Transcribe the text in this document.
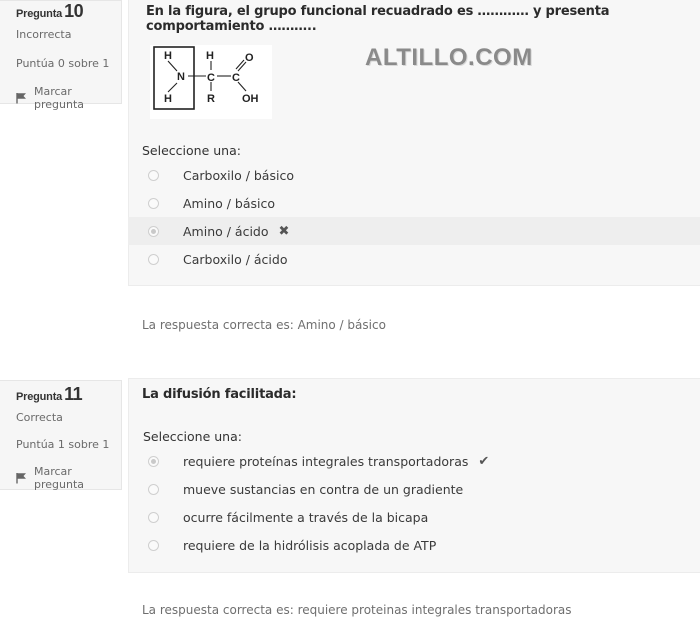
Pregunta 10
Incorrecta
Puntúa 0 sobre 1
Marcar pregunta
En la figura, el grupo funcional recuadrado es ………… y presenta comportamiento ………..
H
N
H
H
C
R
C
O
OH
ALTILLO.COM
Seleccione una:
Carboxilo / básico
Amino / básico
Amino / ácido ✖
Carboxilo / ácido
La respuesta correcta es: Amino / básico
Pregunta 11
Correcta
Puntúa 1 sobre 1
Marcar pregunta
La difusión facilitada:
Seleccione una:
requiere proteínas integrales transportadoras ✔
mueve sustancias en contra de un gradiente
ocurre fácilmente a través de la bicapa
requiere de la hidrólisis acoplada de ATP
La respuesta correcta es: requiere proteinas integrales transportadoras
